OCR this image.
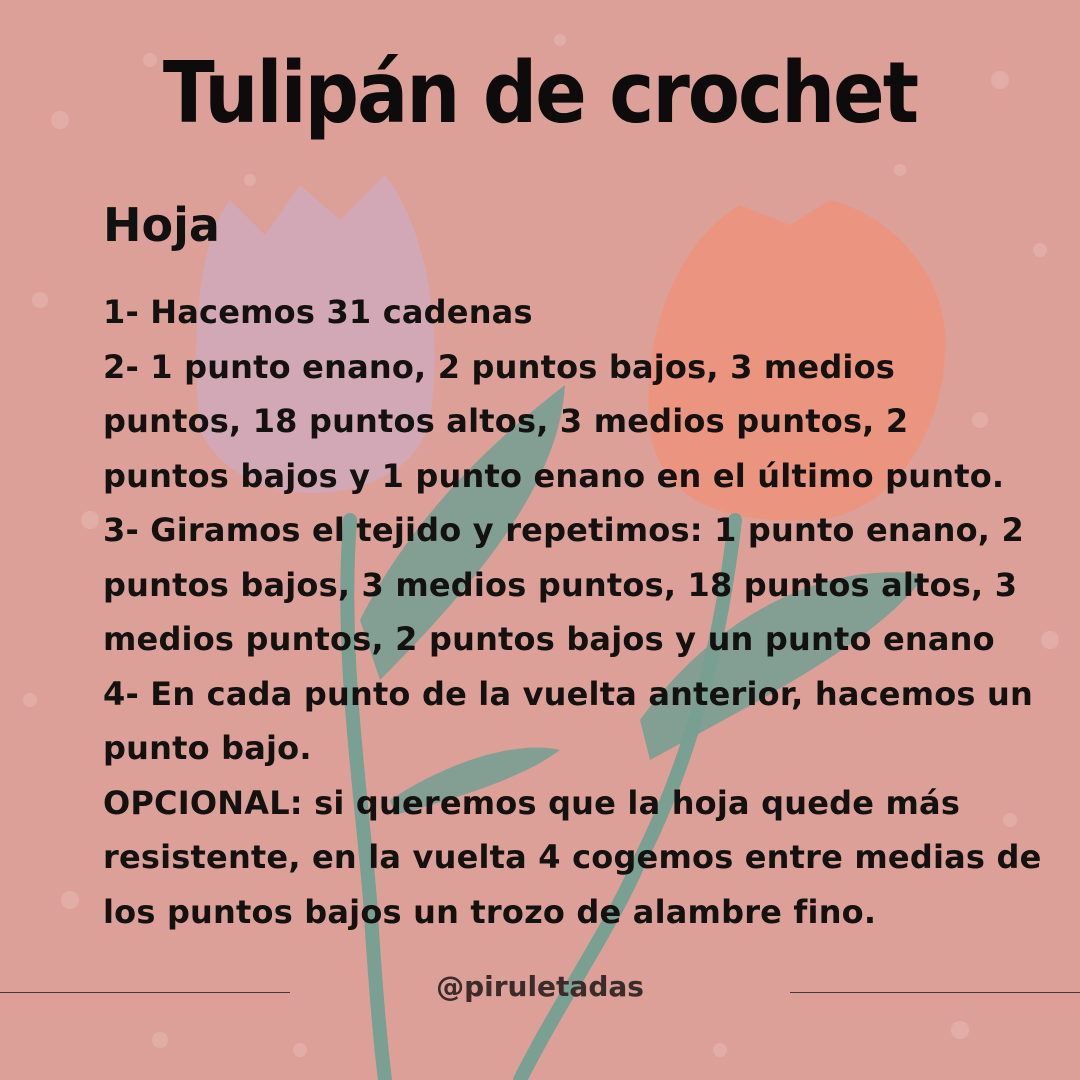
Tulipán de crochet
Hoja

1- Hacemos 31 cadenas

2- 1 punto enano, 2 puntos bajos, 3 medios puntos, 18 puntos altos, 3 medios puntos, 2 puntos bajos y 1 punto enano en el último punto.

3- Giramos el tejido y repetimos: 1 punto enano, 2 puntos bajos, 3 medios puntos, 18 puntos altos, 3 medios puntos, 2 puntos bajos y un punto enano

4- En cada punto de la vuelta anterior, hacemos un punto bajo.

OPCIONAL: si queremos que la hoja quede más resistente, en la vuelta 4 cogemos entre medias de los puntos bajos un trozo de alambre fino.

@piruletadas
